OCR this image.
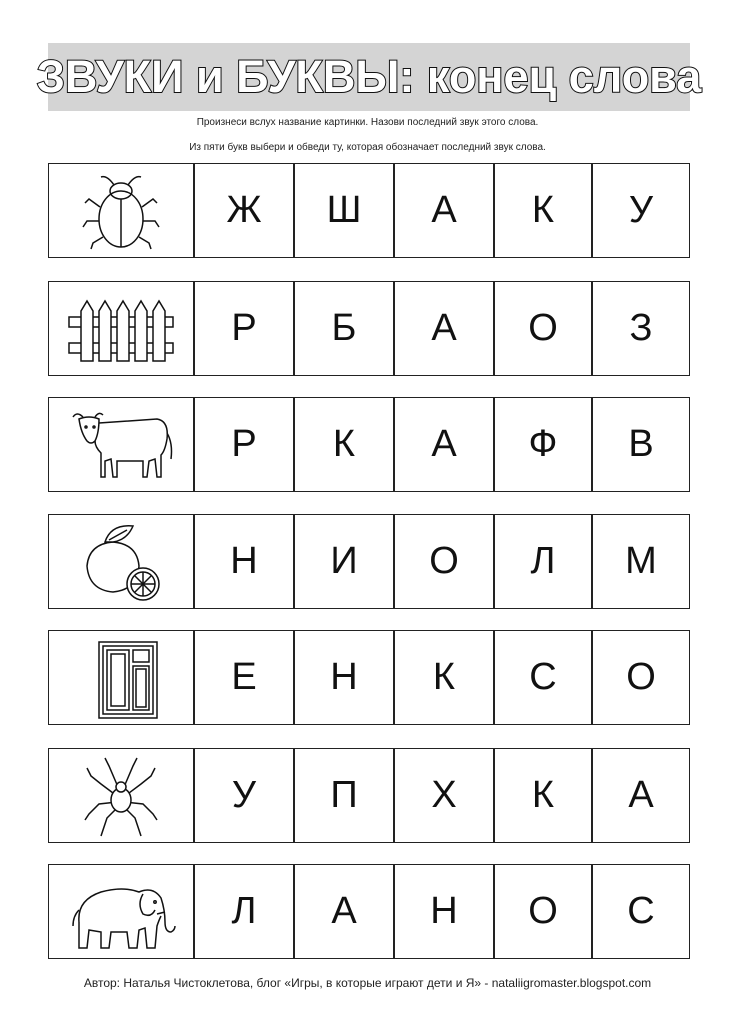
ЗВУКИ и БУКВЫ: конец слова
Произнеси вслух название картинки. Назови последний звук этого слова.
Из пяти букв выбери и обведи ту, которая обозначает последний звук слова.
Ж Ш А К У
Р Б А О З
Р К А Ф В
Н И О Л М
Е Н К С О
У П Х К А
Л А Н О С
Автор: Наталья Чистоклетова, блог «Игры, в которые играют дети и Я» - nataliigromaster.blogspot.com
